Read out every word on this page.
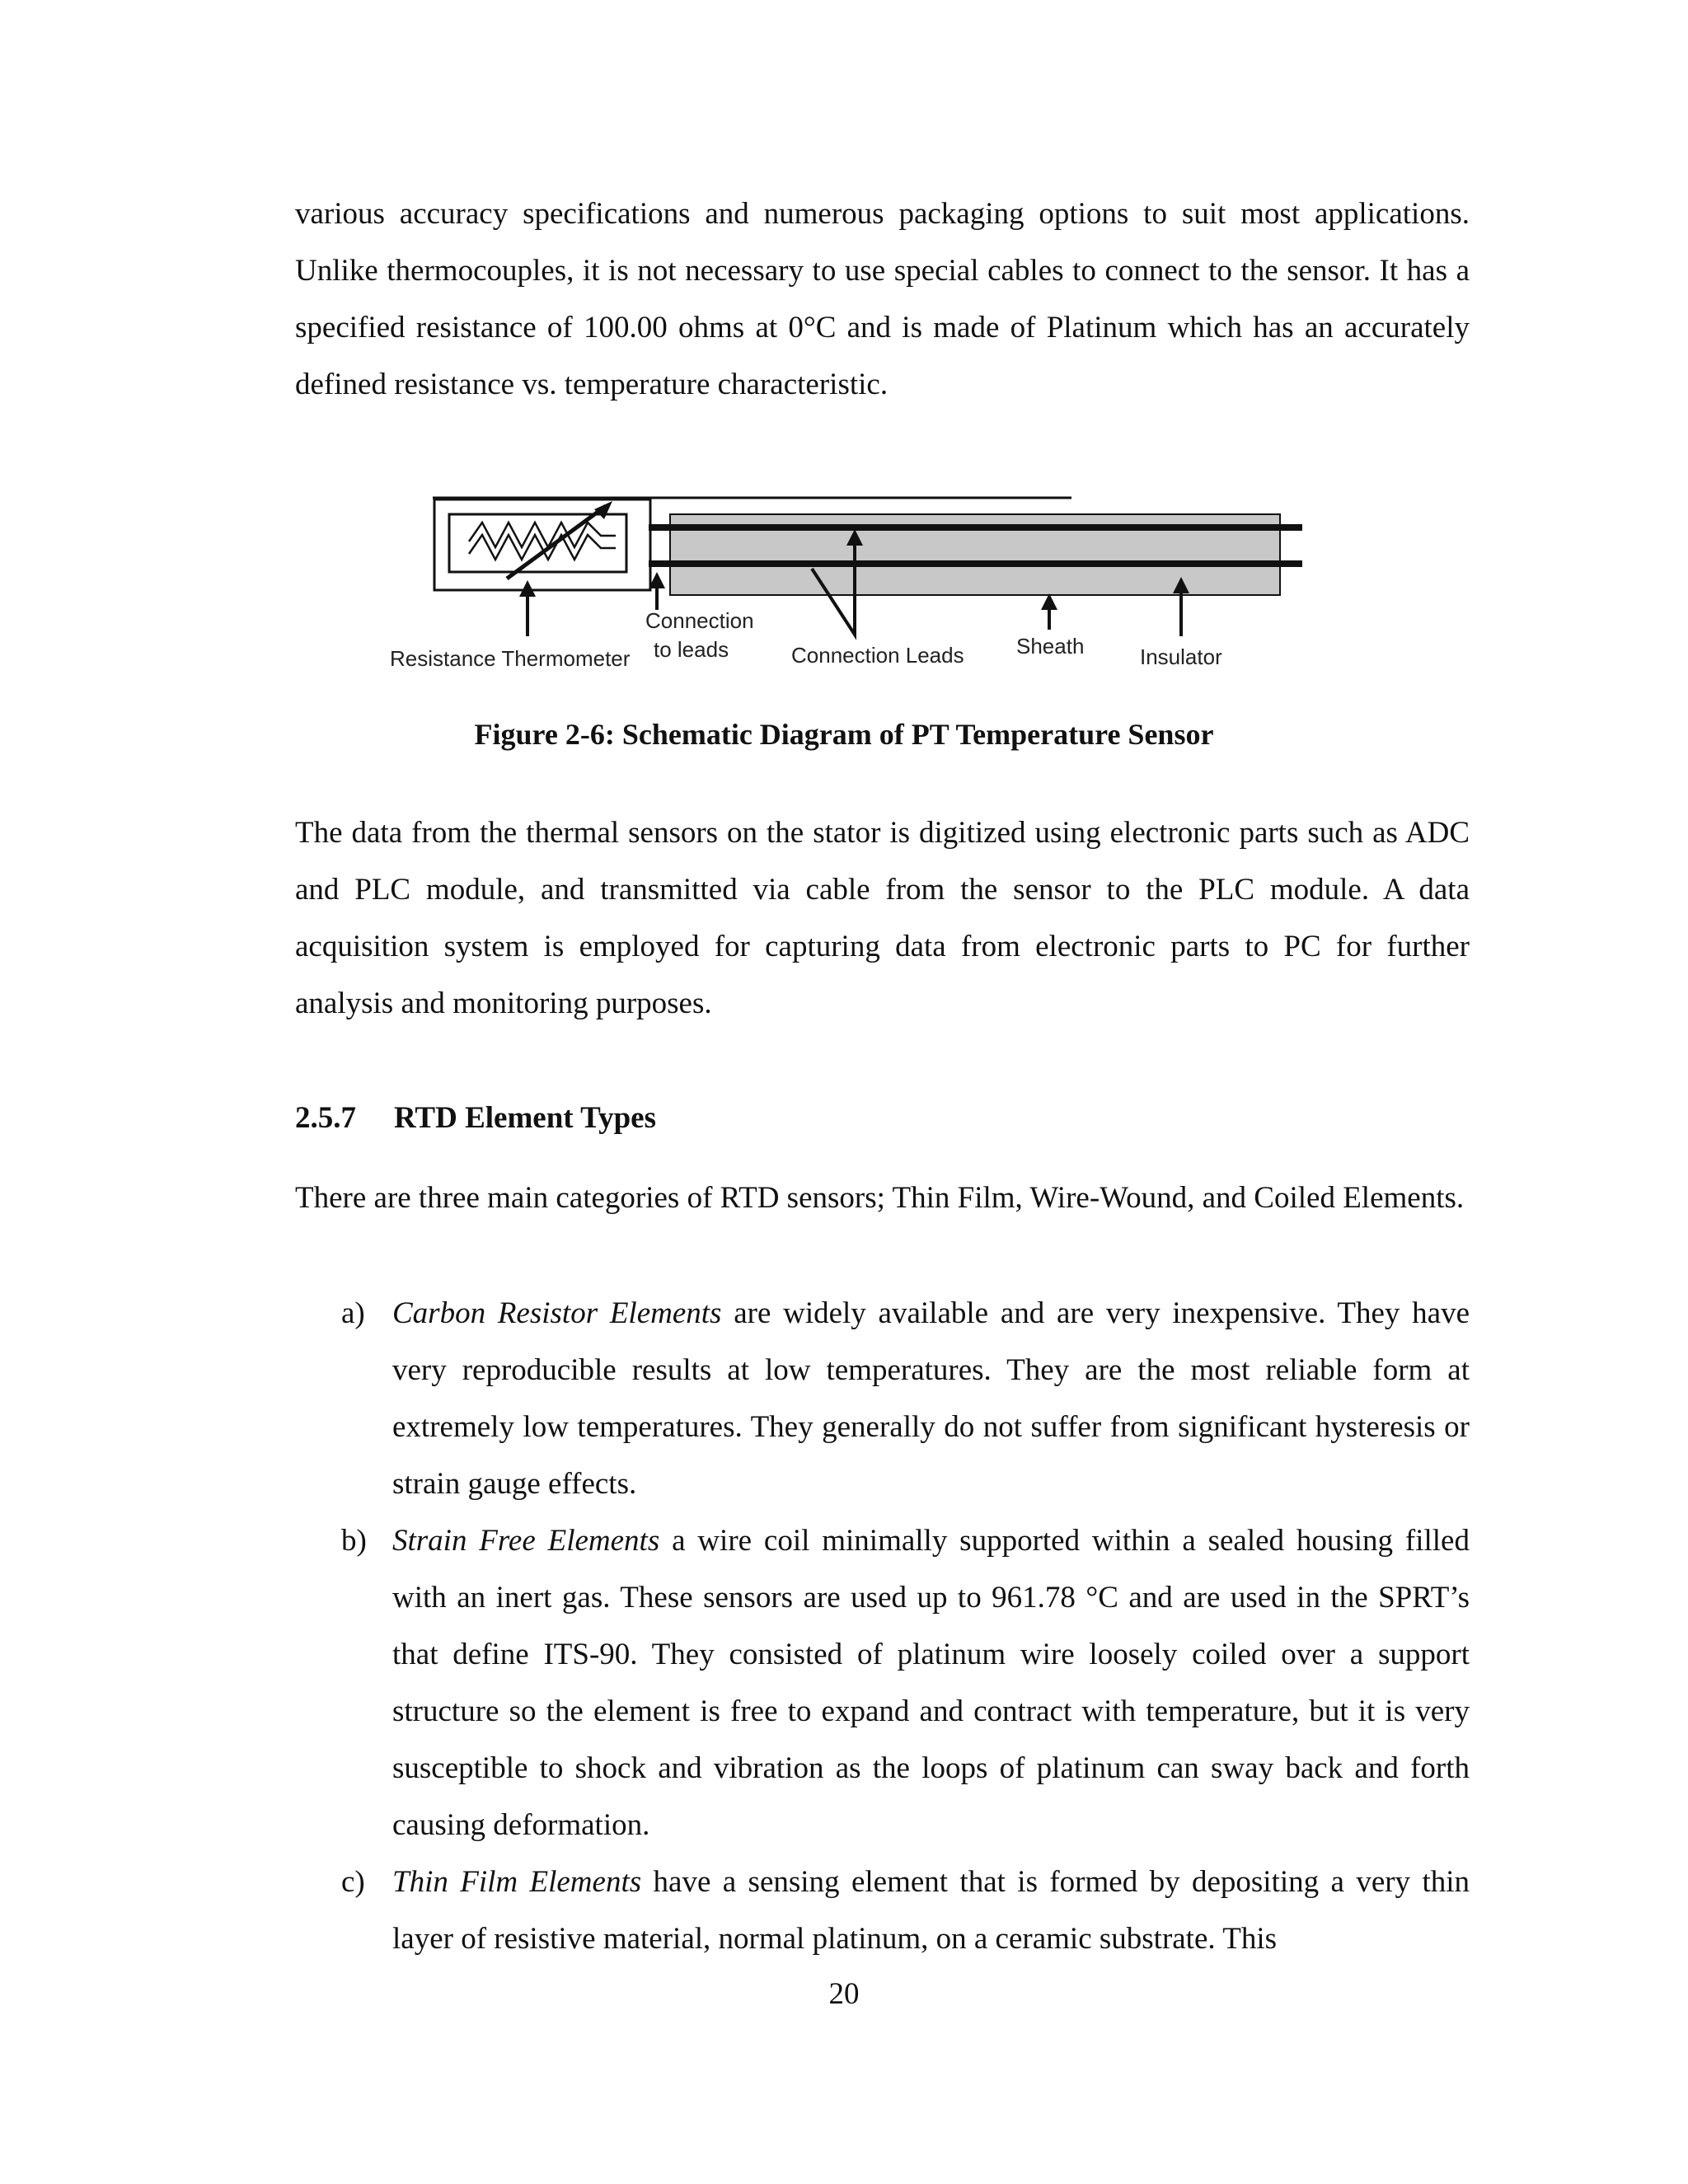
various accuracy specifications and numerous packaging options to suit most applications. Unlike thermocouples, it is not necessary to use special cables to connect to the sensor. It has a specified resistance of 100.00 ohms at 0°C and is made of Platinum which has an accurately defined resistance vs. temperature characteristic.

Resistance Thermometer
Connection
to leads	Connection Leads Sheath	Insulator

Figure 2-6: Schematic Diagram of PT Temperature Sensor

The data from the thermal sensors on the stator is digitized using electronic parts such as ADC and PLC module, and transmitted via cable from the sensor to the PLC module. A data acquisition system is employed for capturing data from electronic parts to PC for further analysis and monitoring purposes.

2.5.7 RTD Element Types

There are three main categories of RTD sensors; Thin Film, Wire-Wound, and Coiled Elements.

a) Carbon Resistor Elements are widely available and are very inexpensive. They have very reproducible results at low temperatures. They are the most reliable form at extremely low temperatures. They generally do not suffer from significant hysteresis or strain gauge effects.
b) Strain Free Elements a wire coil minimally supported within a sealed housing filled with an inert gas. These sensors are used up to 961.78 °C and are used in the SPRT’s that define ITS-90. They consisted of platinum wire loosely coiled over a support structure so the element is free to expand and contract with temperature, but it is very susceptible to shock and vibration as the loops of platinum can sway back and forth causing deformation.
c) Thin Film Elements have a sensing element that is formed by depositing a very thin layer of resistive material, normal platinum, on a ceramic substrate. This

20
